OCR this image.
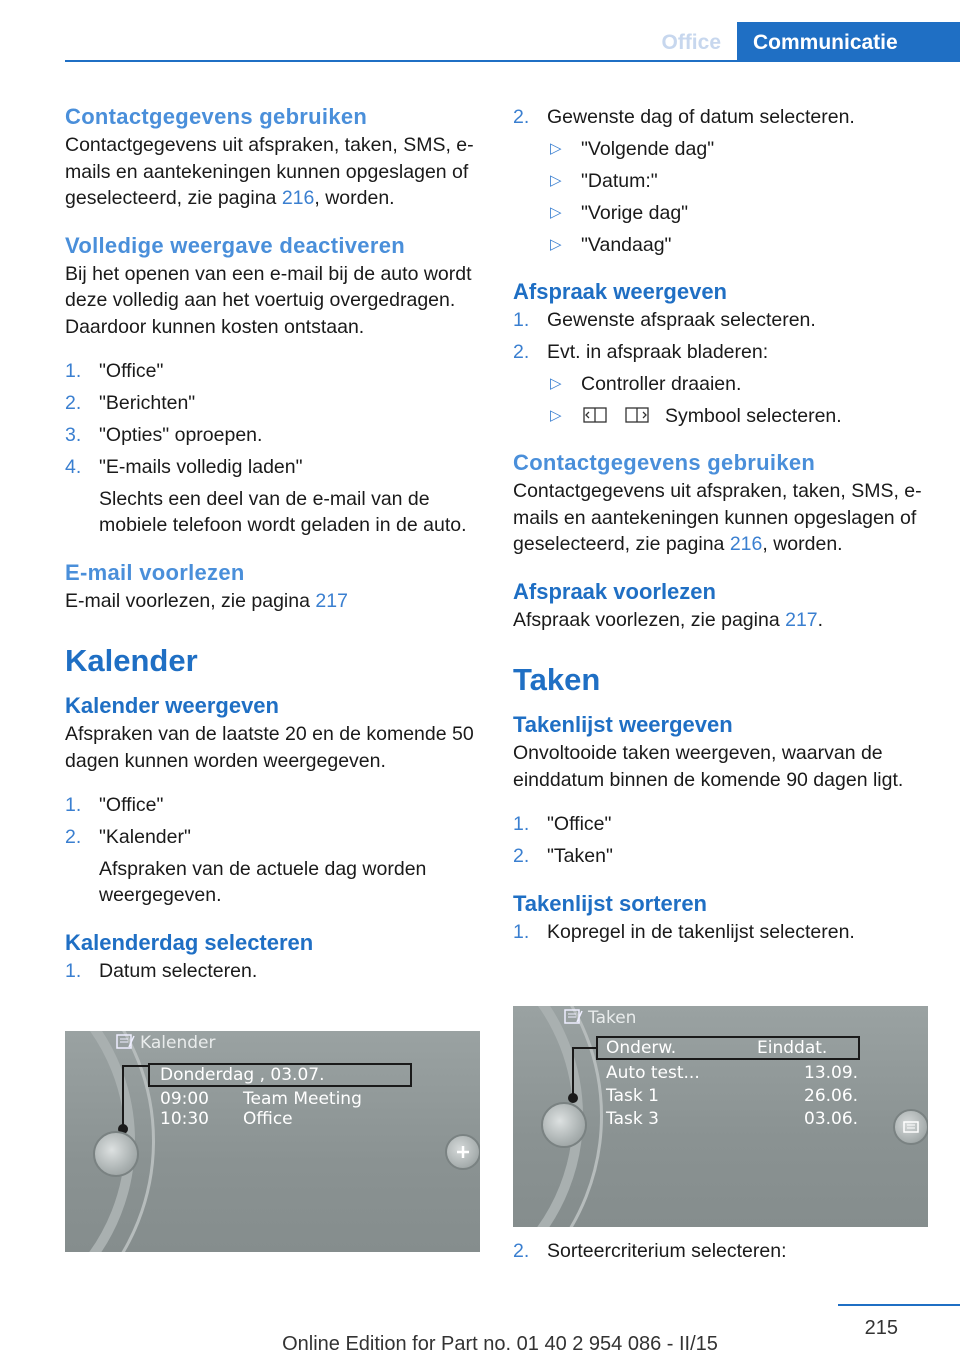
Office	Communicatie
Contactgegevens gebruiken

Contactgegevens uit afspraken, taken, SMS, e-mails en aantekeningen kunnen opgeslagen of geselecteerd, zie pagina 216, worden.

Volledige weergave deactiveren

Bij het openen van een e-mail bij de auto wordt deze volledig aan het voertuig overgedragen. Daardoor kunnen kosten ontstaan.

1. "Office"
2. "Berichten"
3. "Opties" oproepen.
4. "E-mails volledig laden"
Slechts een deel van de e-mail van de mobiele telefoon wordt geladen in de auto.
E-mail voorlezen

E-mail voorlezen, zie pagina 217

Kalender
Kalender weergeven

Afspraken van de laatste 20 en de komende 50 dagen kunnen worden weergegeven.

1. "Office"
2. "Kalender"
Afspraken van de actuele dag worden weergegeven.
Kalenderdag selecteren
1. Datum selecteren.
Kalender
Donderdag , 03.07.
09:00 Team Meeting
10:30 Office
2. Gewenste dag of datum selecteren.
▷ "Volgende dag"
▷ "Datum:"
▷ "Vorige dag"
▷ "Vandaag"
Afspraak weergeven
1. Gewenste afspraak selecteren.
2. Evt. in afspraak bladeren:
▷ Controller draaien.
▷	Symbool selecteren.
Contactgegevens gebruiken

Contactgegevens uit afspraken, taken, SMS, e-mails en aantekeningen kunnen opgeslagen of geselecteerd, zie pagina 216, worden.

Afspraak voorlezen

Afspraak voorlezen, zie pagina 217.

Taken
Takenlijst weergeven

Onvoltooide taken weergeven, waarvan de einddatum binnen de komende 90 dagen ligt.

1. "Office"
2. "Taken"
Takenlijst sorteren
1. Kopregel in de takenlijst selecteren.
Taken
Onderw.	Einddat.
Auto test...	13.09.
Task 1	26.06.
Task 3	03.06.
2. Sorteercriterium selecteren:
215
Online Edition for Part no. 01 40 2 954 086 - II/15
